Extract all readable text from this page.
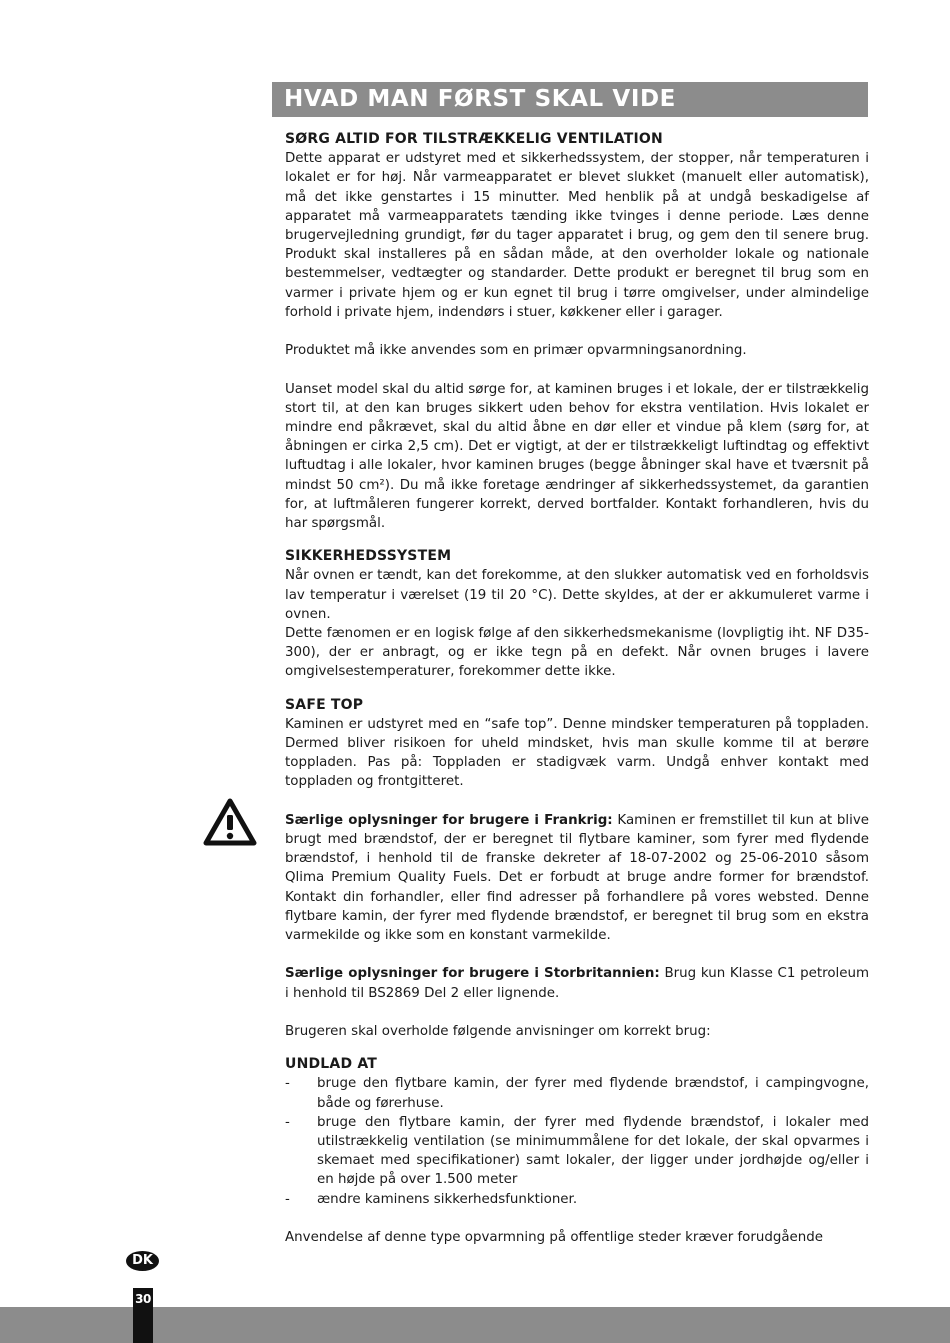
HVAD MAN FØRST SKAL VIDE
SØRG ALTID FOR TILSTRÆKKELIG VENTILATION

Dette apparat er udstyret med et sikkerhedssystem, der stopper, når temperaturen i lokalet er for høj. Når varmeapparatet er blevet slukket (manuelt eller automatisk), må det ikke genstartes i 15 minutter. Med henblik på at undgå beskadigelse af apparatet må varmeapparatets tænding ikke tvinges i denne periode. Læs denne brugervejledning grundigt, før du tager apparatet i brug, og gem den til senere brug. Produkt skal installeres på en sådan måde, at den overholder lokale og nationale bestemmelser, vedtægter og standarder. Dette produkt er beregnet til brug som en varmer i private hjem og er kun egnet til brug i tørre omgivelser, under almindelige forhold i private hjem, indendørs i stuer, køkkener eller i garager.

Produktet må ikke anvendes som en primær opvarmningsanordning.

Uanset model skal du altid sørge for, at kaminen bruges i et lokale, der er tilstrækkelig stort til, at den kan bruges sikkert uden behov for ekstra ventilation. Hvis lokalet er mindre end påkrævet, skal du altid åbne en dør eller et vindue på klem (sørg for, at åbningen er cirka 2,5 cm). Det er vigtigt, at der er tilstrækkeligt luftindtag og effektivt luftudtag i alle lokaler, hvor kaminen bruges (begge åbninger skal have et tværsnit på mindst 50 cm²). Du må ikke foretage ændringer af sikkerhedssystemet, da garantien for, at luftmåleren fungerer korrekt, derved bortfalder. Kontakt forhandleren, hvis du har spørgsmål.

SIKKERHEDSSYSTEM

Når ovnen er tændt, kan det forekomme, at den slukker automatisk ved en forholdsvis lav temperatur i værelset (19 til 20 °C). Dette skyldes, at der er akkumuleret varme i ovnen.

Dette fænomen er en logisk følge af den sikkerhedsmekanisme (lovpligtig iht. NF D35-300), der er anbragt, og er ikke tegn på en defekt. Når ovnen bruges i lavere omgivelsestemperaturer, forekommer dette ikke.

SAFE TOP

Kaminen er udstyret med en “safe top”. Denne mindsker temperaturen på toppladen. Dermed bliver risikoen for uheld mindsket, hvis man skulle komme til at berøre toppladen. Pas på: Toppladen er stadigvæk varm. Undgå enhver kontakt med toppladen og frontgitteret.

Særlige oplysninger for brugere i Frankrig: Kaminen er fremstillet til kun at blive brugt med brændstof, der er beregnet til flytbare kaminer, som fyrer med flydende brændstof, i henhold til de franske dekreter af 18-07-2002 og 25-06-2010 såsom Qlima Premium Quality Fuels. Det er forbudt at bruge andre former for brændstof. Kontakt din forhandler, eller find adresser på forhandlere på vores websted. Denne flytbare kamin, der fyrer med flydende brændstof, er beregnet til brug som en ekstra varmekilde og ikke som en konstant varmekilde.

Særlige oplysninger for brugere i Storbritannien: Brug kun Klasse C1 petroleum i henhold til BS2869 Del 2 eller lignende.

Brugeren skal overholde følgende anvisninger om korrekt brug:

UNDLAD AT
- bruge den flytbare kamin, der fyrer med flydende brændstof, i campingvogne, både og førerhuse.
- bruge den flytbare kamin, der fyrer med flydende brændstof, i lokaler med utilstrækkelig ventilation (se minimummålene for det lokale, der skal opvarmes i skemaet med specifikationer) samt lokaler, der ligger under jordhøjde og/eller i en højde på over 1.500 meter
- ændre kaminens sikkerhedsfunktioner.

Anvendelse af denne type opvarmning på offentlige steder kræver forudgående

DK
30
